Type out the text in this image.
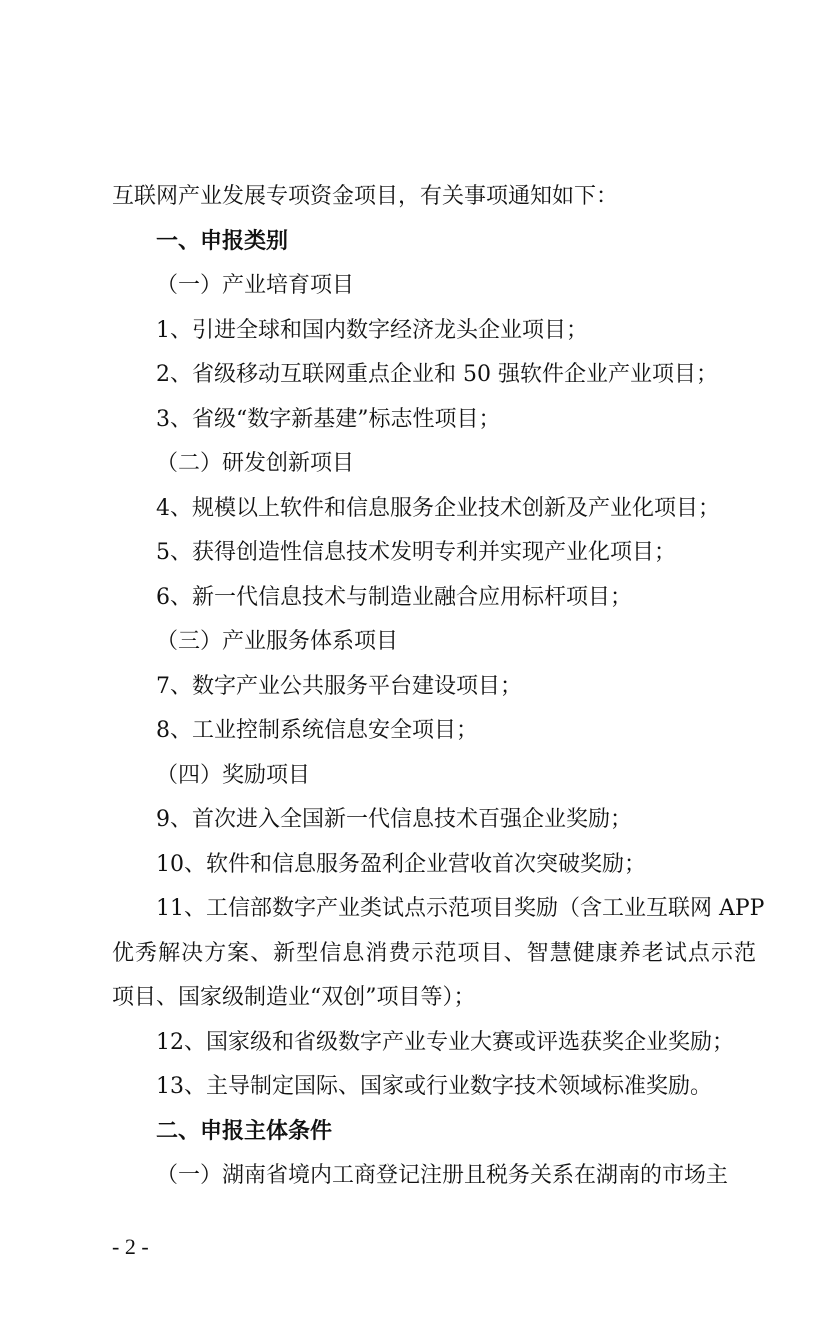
互联网产业发展专项资金项目，有关事项通知如下：
一、申报类别
（一）产业培育项目
1、引进全球和国内数字经济龙头企业项目；
2、省级移动互联网重点企业和 50 强软件企业产业项目；
3、省级“数字新基建”标志性项目；
（二）研发创新项目
4、规模以上软件和信息服务企业技术创新及产业化项目；
5、获得创造性信息技术发明专利并实现产业化项目；
6、新一代信息技术与制造业融合应用标杆项目；
（三）产业服务体系项目
7、数字产业公共服务平台建设项目；
8、工业控制系统信息安全项目；
（四）奖励项目
9、首次进入全国新一代信息技术百强企业奖励；
10、软件和信息服务盈利企业营收首次突破奖励；
11、工信部数字产业类试点示范项目奖励（含工业互联网 APP
优秀解决方案、新型信息消费示范项目、智慧健康养老试点示范
项目、国家级制造业“双创”项目等）；
12、国家级和省级数字产业专业大赛或评选获奖企业奖励；
13、主导制定国际、国家或行业数字技术领域标准奖励。
二、申报主体条件
（一）湖南省境内工商登记注册且税务关系在湖南的市场主
- 2 -
